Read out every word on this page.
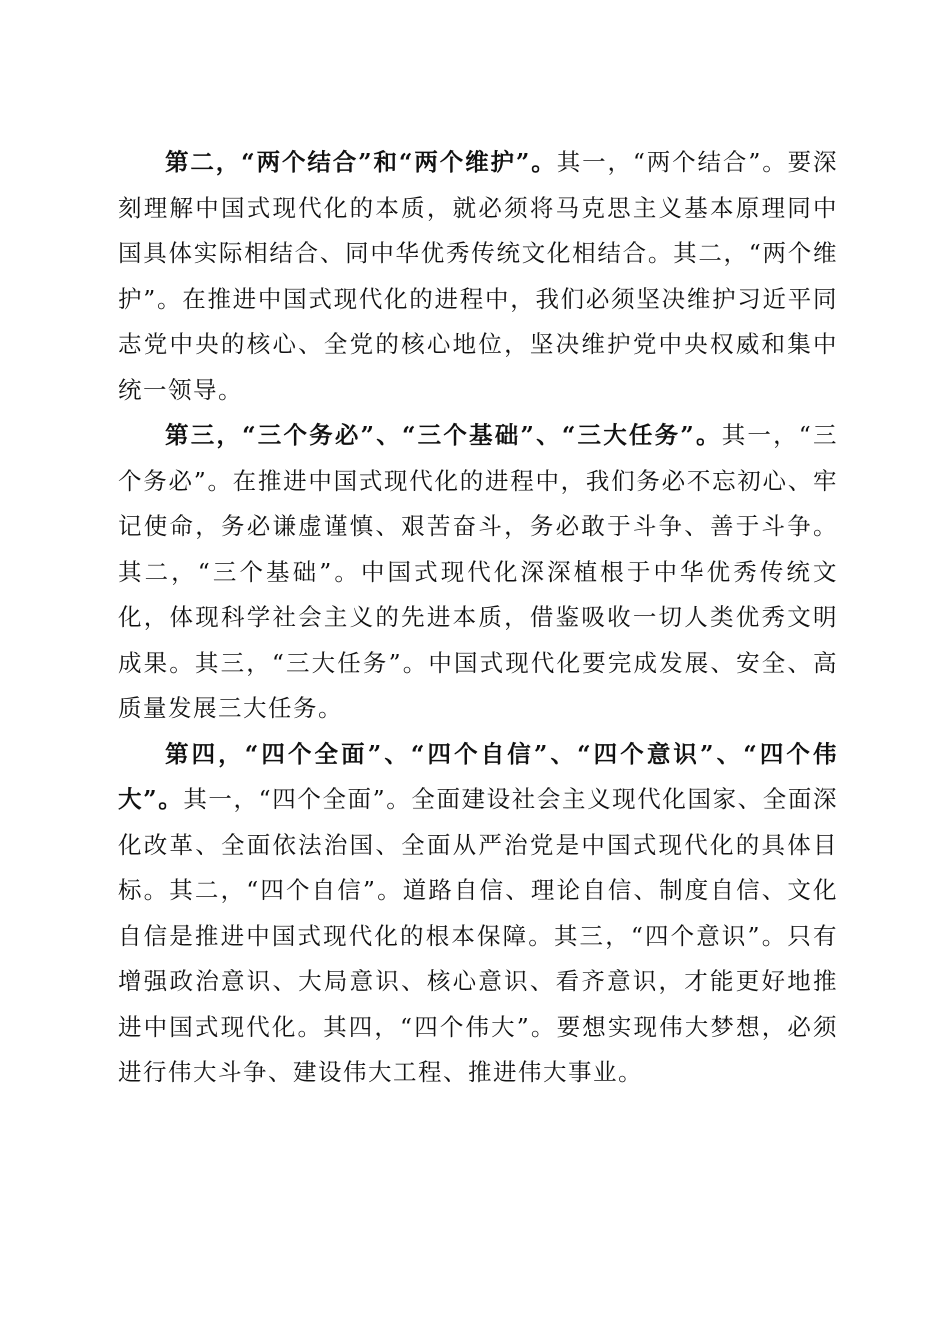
第二，“两个结合”和“两个维护”。其一，“两个结合”。要深刻理解中国式现代化的本质，就必须将马克思主义基本原理同中国具体实际相结合、同中华优秀传统文化相结合。其二，“两个维护”。在推进中国式现代化的进程中，我们必须坚决维护习近平同志党中央的核心、全党的核心地位，坚决维护党中央权威和集中统一领导。

第三，“三个务必”、“三个基础”、“三大任务”。其一，“三个务必”。在推进中国式现代化的进程中，我们务必不忘初心、牢记使命，务必谦虚谨慎、艰苦奋斗，务必敢于斗争、善于斗争。其二，“三个基础”。中国式现代化深深植根于中华优秀传统文化，体现科学社会主义的先进本质，借鉴吸收一切人类优秀文明成果。其三，“三大任务”。中国式现代化要完成发展、安全、高质量发展三大任务。

第四，“四个全面”、“四个自信”、“四个意识”、“四个伟大”。其一，“四个全面”。全面建设社会主义现代化国家、全面深化改革、全面依法治国、全面从严治党是中国式现代化的具体目标。其二，“四个自信”。道路自信、理论自信、制度自信、文化自信是推进中国式现代化的根本保障。其三，“四个意识”。只有增强政治意识、大局意识、核心意识、看齐意识，才能更好地推进中国式现代化。其四，“四个伟大”。要想实现伟大梦想，必须进行伟大斗争、建设伟大工程、推进伟大事业。
